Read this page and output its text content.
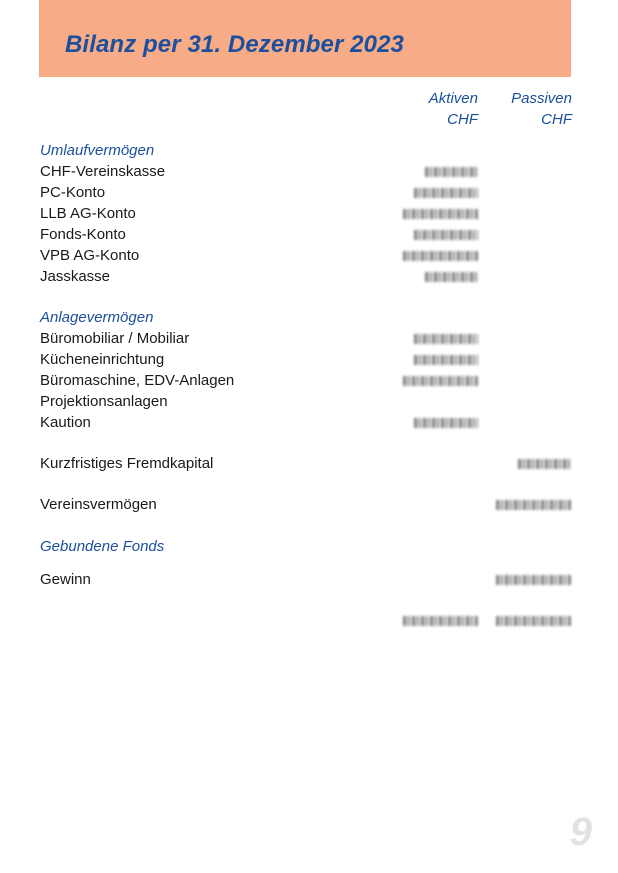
Bilanz per 31. Dezember 2023
Aktiven
CHF
Passiven
CHF
Umlaufvermögen
CHF-Vereinskasse
PC-Konto
LLB AG-Konto
Fonds-Konto
VPB AG-Konto
Jasskasse
Anlagevermögen
Büromobiliar / Mobiliar
Kücheneinrichtung
Büromaschine, EDV-Anlagen
Projektionsanlagen
Kaution
Kurzfristiges Fremdkapital
Vereinsvermögen
Gebundene Fonds
Gewinn
9
